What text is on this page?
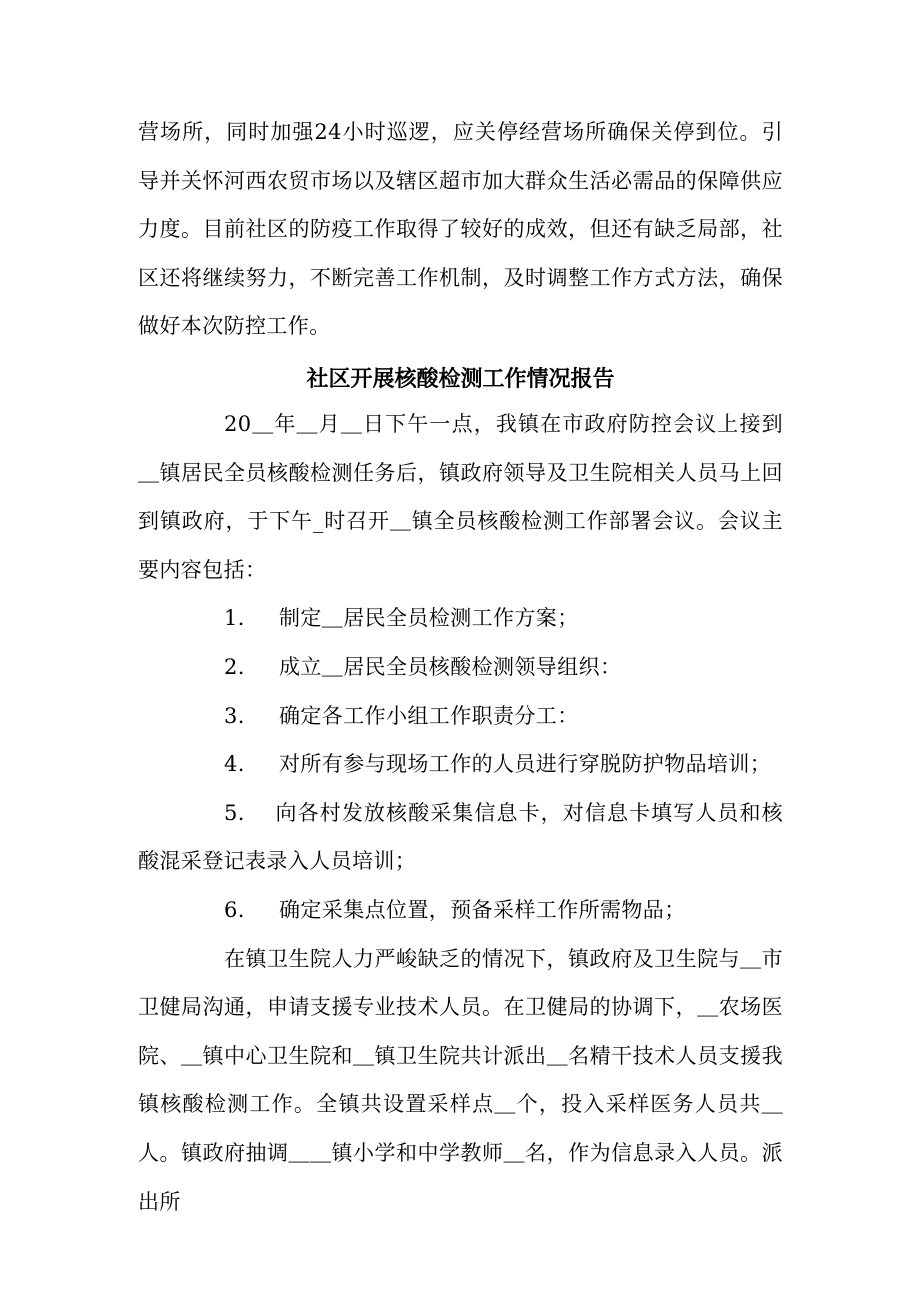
营场所，同时加强24小时巡逻，应关停经营场所确保关停到位。引导并关怀河西农贸市场以及辖区超市加大群众生活必需品的保障供应力度。目前社区的防疫工作取得了较好的成效，但还有缺乏局部，社区还将继续努力，不断完善工作机制，及时调整工作方式方法，确保做好本次防控工作。

社区开展核酸检测工作情况报告

20＿年＿月＿日下午一点，我镇在市政府防控会议上接到＿镇居民全员核酸检测任务后，镇政府领导及卫生院相关人员马上回到镇政府，于下午_时召开＿镇全员核酸检测工作部署会议。会议主要内容包括：

1. 制定＿居民全员检测工作方案；
2. 成立＿居民全员核酸检测领导组织：
3. 确定各工作小组工作职责分工：
4. 对所有参与现场工作的人员进行穿脱防护物品培训；

5. 向各村发放核酸采集信息卡，对信息卡填写人员和核酸混采登记表录入人员培训；

6. 确定采集点位置，预备采样工作所需物品；

在镇卫生院人力严峻缺乏的情况下，镇政府及卫生院与＿市卫健局沟通，申请支援专业技术人员。在卫健局的协调下，＿农场医院、＿镇中心卫生院和＿镇卫生院共计派出＿名精干技术人员支援我镇核酸检测工作。全镇共设置采样点＿个，投入采样医务人员共＿人。镇政府抽调＿＿镇小学和中学教师＿名，作为信息录入人员。派出所
